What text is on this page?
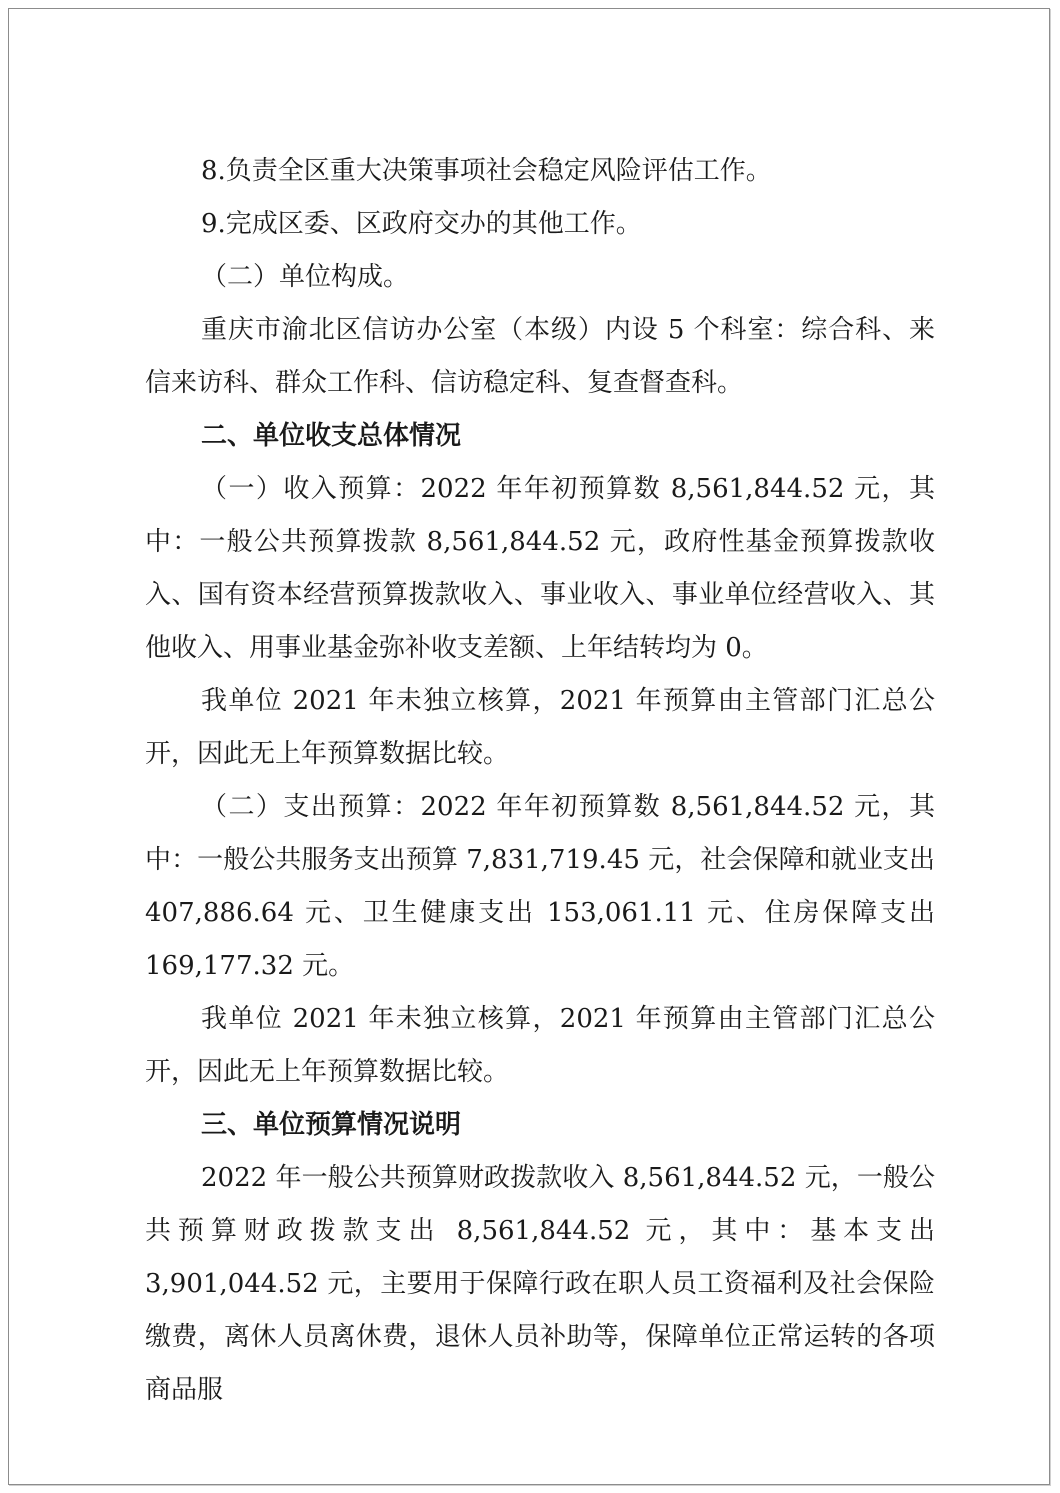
8.负责全区重大决策事项社会稳定风险评估工作。

9.完成区委、区政府交办的其他工作。

（二）单位构成。

重庆市渝北区信访办公室（本级）内设 5 个科室：综合科、来信来访科、群众工作科、信访稳定科、复查督查科。

二、单位收支总体情况

（一）收入预算：2022 年年初预算数 8,561,844.52 元，其中：一般公共预算拨款 8,561,844.52 元，政府性基金预算拨款收入、国有资本经营预算拨款收入、事业收入、事业单位经营收入、其他收入、用事业基金弥补收支差额、上年结转均为 0。

我单位 2021 年未独立核算，2021 年预算由主管部门汇总公开，因此无上年预算数据比较。

（二）支出预算：2022 年年初预算数 8,561,844.52 元，其中：一般公共服务支出预算 7,831,719.45 元，社会保障和就业支出 407,886.64 元、卫生健康支出 153,061.11 元、住房保障支出 169,177.32 元。

我单位 2021 年未独立核算，2021 年预算由主管部门汇总公开，因此无上年预算数据比较。

三、单位预算情况说明

2022 年一般公共预算财政拨款收入 8,561,844.52 元，一般公共预算财政拨款支出 8,561,844.52 元，其中：基本支出 3,901,044.52 元，主要用于保障行政在职人员工资福利及社会保险缴费，离休人员离休费，退休人员补助等，保障单位正常运转的各项商品服
